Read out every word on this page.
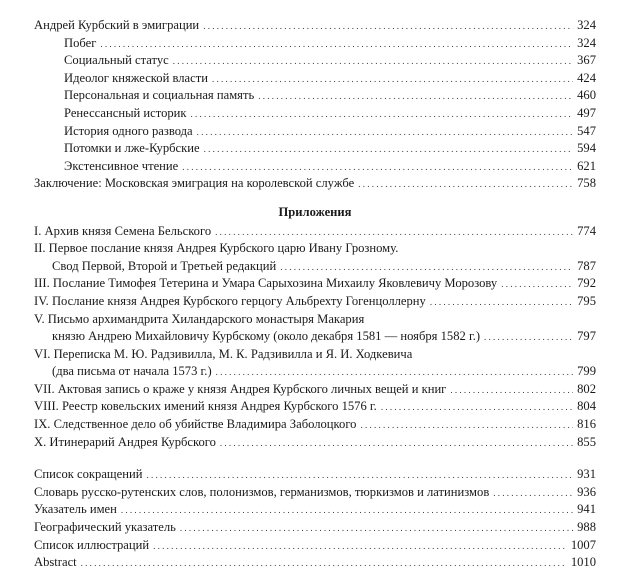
Андрей Курбский в эмиграции . . .	324
Побег . . .	324
Социальный статус . . .	367
Идеолог княжеской власти . . .	424
Персональная и социальная память . . .	460
Ренессансный историк . . .	497
История одного развода . . .	547
Потомки и лже-Курбские . . .	594
Экстенсивное чтение . . .	621
Заключение: Московская эмиграция на королевской службе . . .	758
Приложения
I. Архив князя Семена Бельского . . .	774
II. Первое послание князя Андрея Курбского царю Ивану Грозному.
Свод Первой, Второй и Третьей редакций . . .	787
III. Послание Тимофея Тетерина и Умара Сарыхозина Михаилу Яковлевичу Морозову . . .	792
IV. Послание князя Андрея Курбского герцогу Альбрехту Гогенцоллерну . . .	795
V. Письмо архимандрита Хиландарского монастыря Макария
князю Андрею Михайловичу Курбскому (около декабря 1581 — ноября 1582 г.) . . .	797
VI. Переписка М. Ю. Радзивилла, М. К. Радзивилла и Я. И. Ходкевича
(два письма от начала 1573 г.) . . .	799
VII. Актовая запись о краже у князя Андрея Курбского личных вещей и книг . . .	802
VIII. Реестр ковельских имений князя Андрея Курбского 1576 г. . . .	804
IX. Следственное дело об убийстве Владимира Заболоцкого . . .	816
X. Итинерарий Андрея Курбского . . .	855
Список сокращений . . .	931
Словарь русско-рутенских слов, полонизмов, германизмов, тюркизмов и латинизмов . . .	936
Указатель имен . . .	941
Географический указатель . . .	988
Список иллюстраций . . .	1007
Abstract . . .	1010
